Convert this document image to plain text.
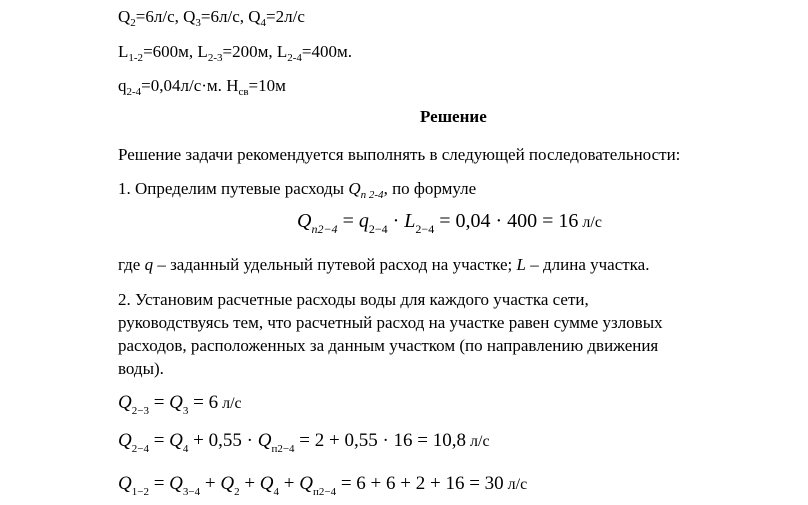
$Q_2=6л/с$, $Q_3=6л/с$, $Q_4=2л/с$
$L_{1-2}=600м$, $L_{2-3}=200м$, $L_{2-4}=400м$.
$q_{2-4}=0,04л/с\cdot м$. $H_{св}=10м$
Решение
Решение задачи рекомендуется выполнять в следующей последовательности:
1. Определим путевые расходы $Q_{п 2-4}$, по формуле
$Q_{п2-4} = q_{2-4} \cdot L_{2-4} = 0,04 \cdot 400 = 16$ л/с
где q – заданный удельный путевой расход на участке; L – длина участка.
2. Установим расчетные расходы воды для каждого участка сети,
руководствуясь тем, что расчетный расход на участке равен сумме узловых
расходов, расположенных за данным участком (по направлению движения
воды).
$Q_{2-3} = Q_3 = 6$ л/с
$Q_{2-4} = Q_4 + 0,55 \cdot Q_{п2-4} = 2 + 0,55 \cdot 16 = 10,8$ л/с
$Q_{1-2} = Q_{3-4} + Q_2 + Q_4 + Q_{п2-4} = 6 + 6 + 2 + 16 = 30$ л/с
